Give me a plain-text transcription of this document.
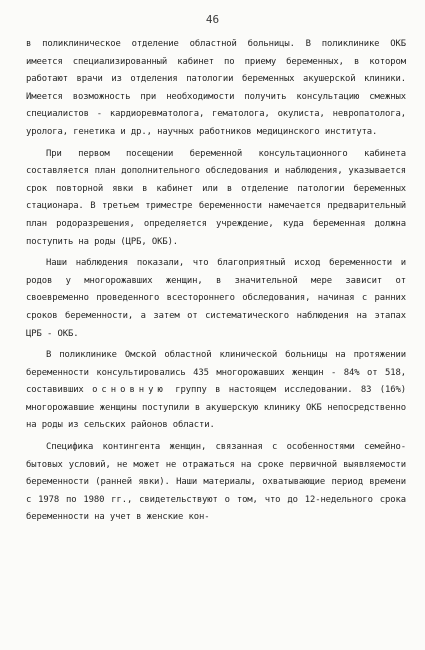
46

в поликлиническое отделение областной больницы. В поликлинике ОКБ имеется специализированный кабинет по приему беременных, в котором работают врачи из отделения патологии беременных акушерской клиники. Имеется возможность при необходимости получить консультацию смежных специалистов - кардиоревматолога, гематолога, окулиста, невропатолога, уролога, генетика и др., научных работников медицинского института.

При первом посещении беременной консультационного кабинета составляется план дополнительного обследования и наблюдения, указывается срок повторной явки в кабинет или в отделение патологии беременных стационара. В третьем триместре беременности намечается предварительный план родоразрешения, определяется учреждение, куда беременная должна поступить на роды (ЦРБ, ОКБ).

Наши наблюдения показали, что благоприятный исход беременности и родов у многорожавших женщин, в значительной мере зависит от своевременно проведенного всестороннего обследования, начиная с ранних сроков беременности, а затем от систематического наблюдения на этапах ЦРБ - ОКБ.

В поликлинике Омской областной клинической больницы на протяжении беременности консультировались 435 многорожавших женщин - 84% от 518, составивших основную группу в настоящем исследовании. 83 (16%) многорожавшие женщины поступили в акушерскую клинику ОКБ непосредственно на роды из сельских районов области.

Специфика контингента женщин, связанная с особенностями семейно-бытовых условий, не может не отражаться на сроке первичной выявляемости беременности (ранней явки). Наши материалы, охватывающие период времени с 1978 по 1980 гг., свидетельствуют о том, что до 12-недельного срока беременности на учет в женские кон-
